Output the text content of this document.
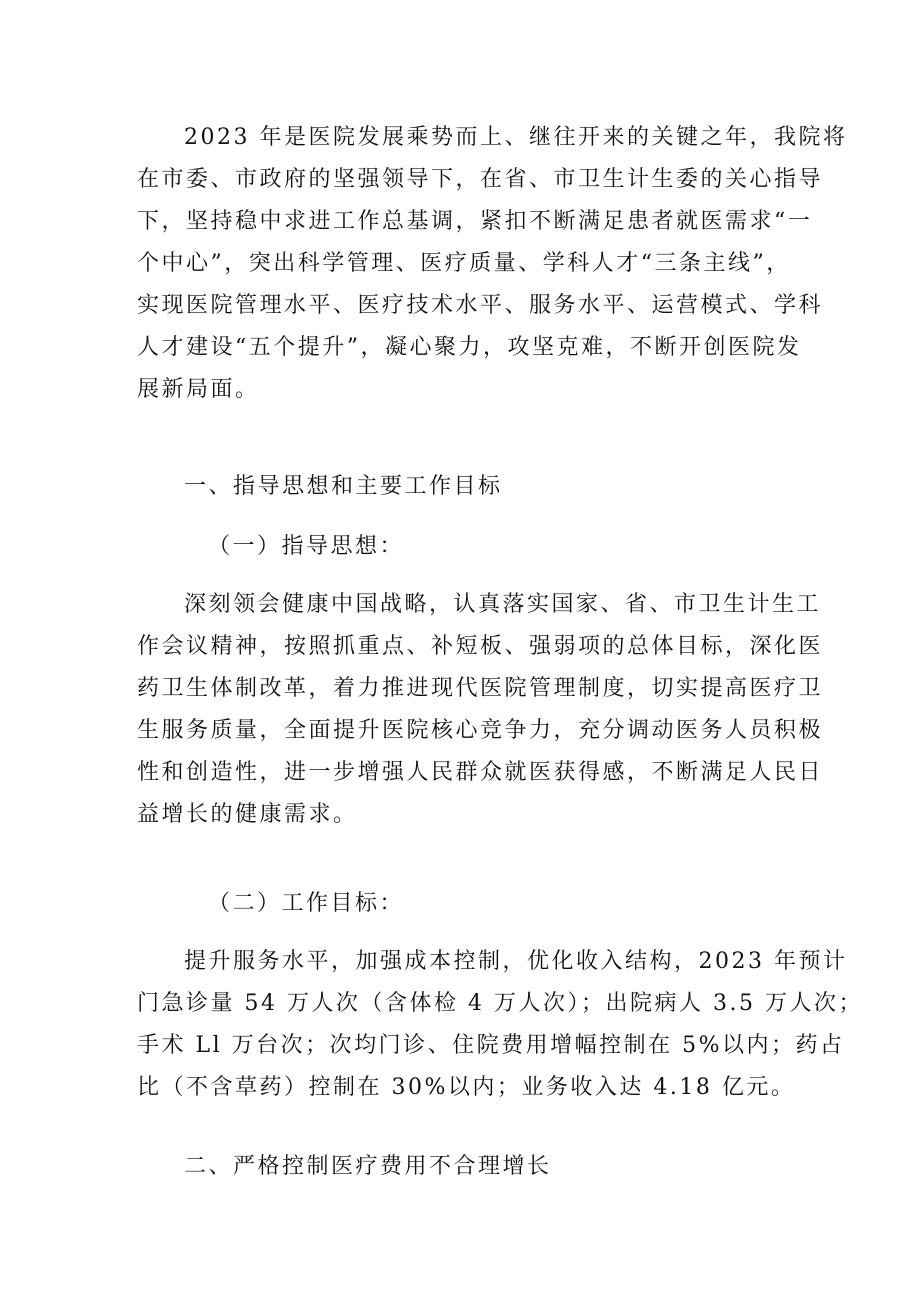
2023 年是医院发展乘势而上、继往开来的关键之年，我院将
在市委、市政府的坚强领导下，在省、市卫生计生委的关心指导
下，坚持稳中求进工作总基调，紧扣不断满足患者就医需求“一
个中心”，突出科学管理、医疗质量、学科人才“三条主线”，
实现医院管理水平、医疗技术水平、服务水平、运营模式、学科
人才建设“五个提升”，凝心聚力，攻坚克难，不断开创医院发
展新局面。
一、指导思想和主要工作目标
（一）指导思想：
深刻领会健康中国战略，认真落实国家、省、市卫生计生工
作会议精神，按照抓重点、补短板、强弱项的总体目标，深化医
药卫生体制改革，着力推进现代医院管理制度，切实提高医疗卫
生服务质量，全面提升医院核心竞争力，充分调动医务人员积极
性和创造性，进一步增强人民群众就医获得感，不断满足人民日
益增长的健康需求。
（二）工作目标：
提升服务水平，加强成本控制，优化收入结构，2023 年预计
门急诊量 54 万人次（含体检 4 万人次）；出院病人 3.5 万人次；
手术 Ll 万台次；次均门诊、住院费用增幅控制在 5%以内；药占
比（不含草药）控制在 30%以内；业务收入达 4.18 亿元。
二、严格控制医疗费用不合理增长
